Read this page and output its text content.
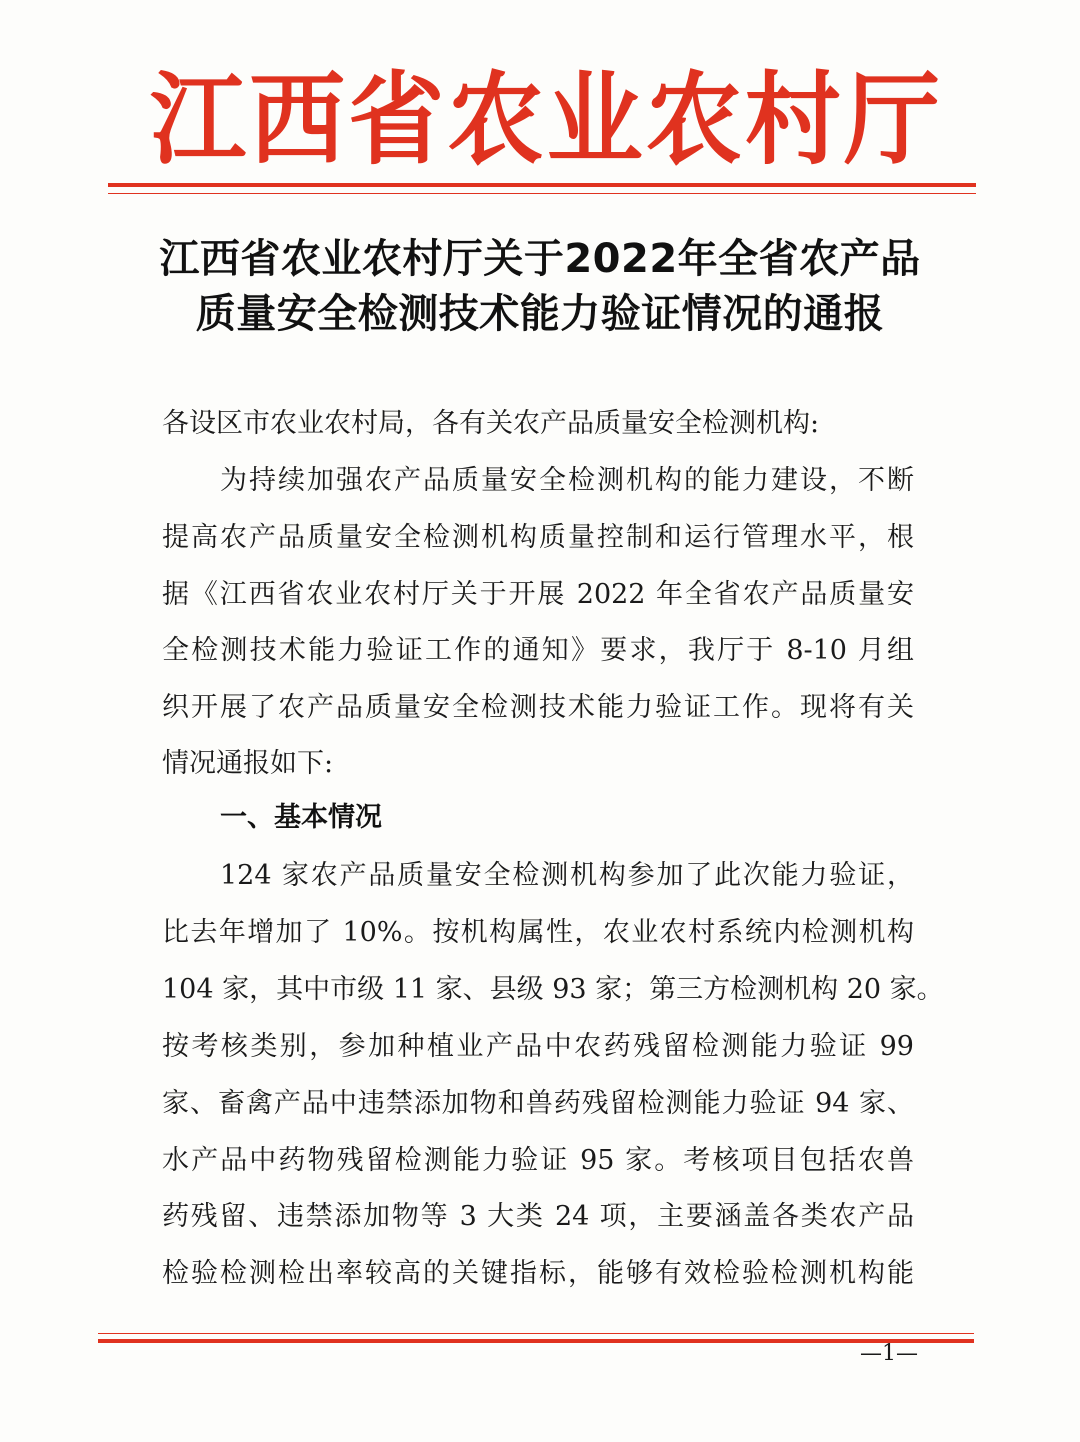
江 西 省 农 业 农 村 厅
江西省农业农村厅关于2022年全省农产品
质量安全检测技术能力验证情况的通报
各设区市农业农村局，各有关农产品质量安全检测机构:
为持续加强农产品质量安全检测机构的能力建设，不断
提高农产品质量安全检测机构质量控制和运行管理水平，根
据《江西省农业农村厅关于开展 2022 年全省农产品质量安
全检测技术能力验证工作的通知》要求，我厅于 8-10 月组
织开展了农产品质量安全检测技术能力验证工作。现将有关
情况通报如下:
一、基本情况
124 家农产品质量安全检测机构参加了此次能力验证，
比去年增加了 10%。按机构属性，农业农村系统内检测机构
104 家，其中市级 11 家、县级 93 家；第三方检测机构 20 家。
按考核类别，参加种植业产品中农药残留检测能力验证 99
家、畜禽产品中违禁添加物和兽药残留检测能力验证 94 家、
水产品中药物残留检测能力验证 95 家。考核项目包括农兽
药残留、违禁添加物等 3 大类 24 项，主要涵盖各类农产品
检验检测检出率较高的关键指标，能够有效检验检测机构能
—1—
